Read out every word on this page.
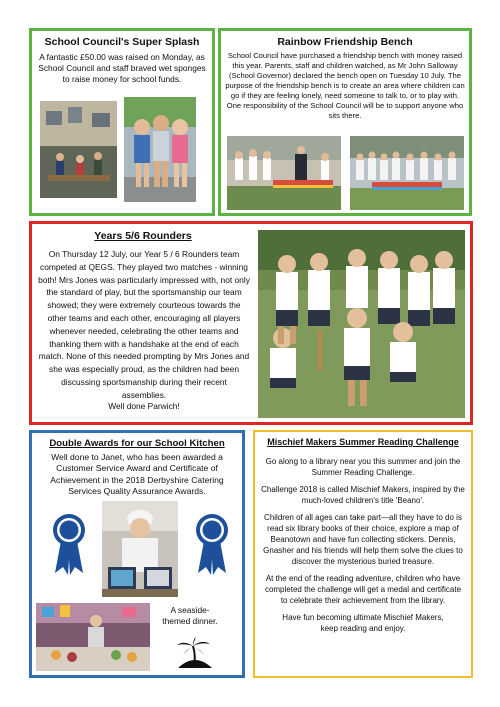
School Council's Super Splash
A fantastic £50.00 was raised on Monday, as School Council and staff braved wet sponges to raise money for school funds.
Rainbow Friendship Bench
School Council have purchased a friendship bench with money raised this year. Parents, staff and children watched, as Mr John Salloway (School Governor) declared the bench open on Tuesday 10 July. The purpose of the friendship bench is to create an area where children can go if they are feeling lonely, need someone to talk to, or to play with. One responsibility of the School Council will be to support anyone who sits there.
Years 5/6 Rounders
On Thursday 12 July, our Year 5 / 6 Rounders team competed at QEGS. They played two matches - winning both! Mrs Jones was particularly impressed with, not only the standard of play, but the sportsmanship our team showed; they were extremely courteous towards the other teams and each other, encouraging all players whenever needed, celebrating the other teams and thanking them with a handshake at the end of each match. None of this needed prompting by Mrs Jones and she was especially proud, as the children had been discussing sportsmanship during their recent assemblies.
Well done Parwich!
Double Awards for our School Kitchen
Well done to Janet, who has been awarded a Customer Service Award and Certificate of Achievement in the 2018 Derbyshire Catering Services Quality Assurance Awards.
A seaside-themed dinner.
Mischief Makers Summer Reading Challenge
Go along to a library near you this summer and join the Summer Reading Challenge.
Challenge 2018 is called Mischief Makers, inspired by the much-loved children's title 'Beano'.
Children of all ages can take part—all they have to do is read six library books of their choice, explore a map of Beanotown and have fun collecting stickers. Dennis, Gnasher and his friends will help them solve the clues to discover the mysterious buried treasure.
At the end of the reading adventure, children who have completed the challenge will get a medal and certificate to celebrate their achievement from the library.
Have fun becoming ultimate Mischief Makers, keep reading and enjoy.
